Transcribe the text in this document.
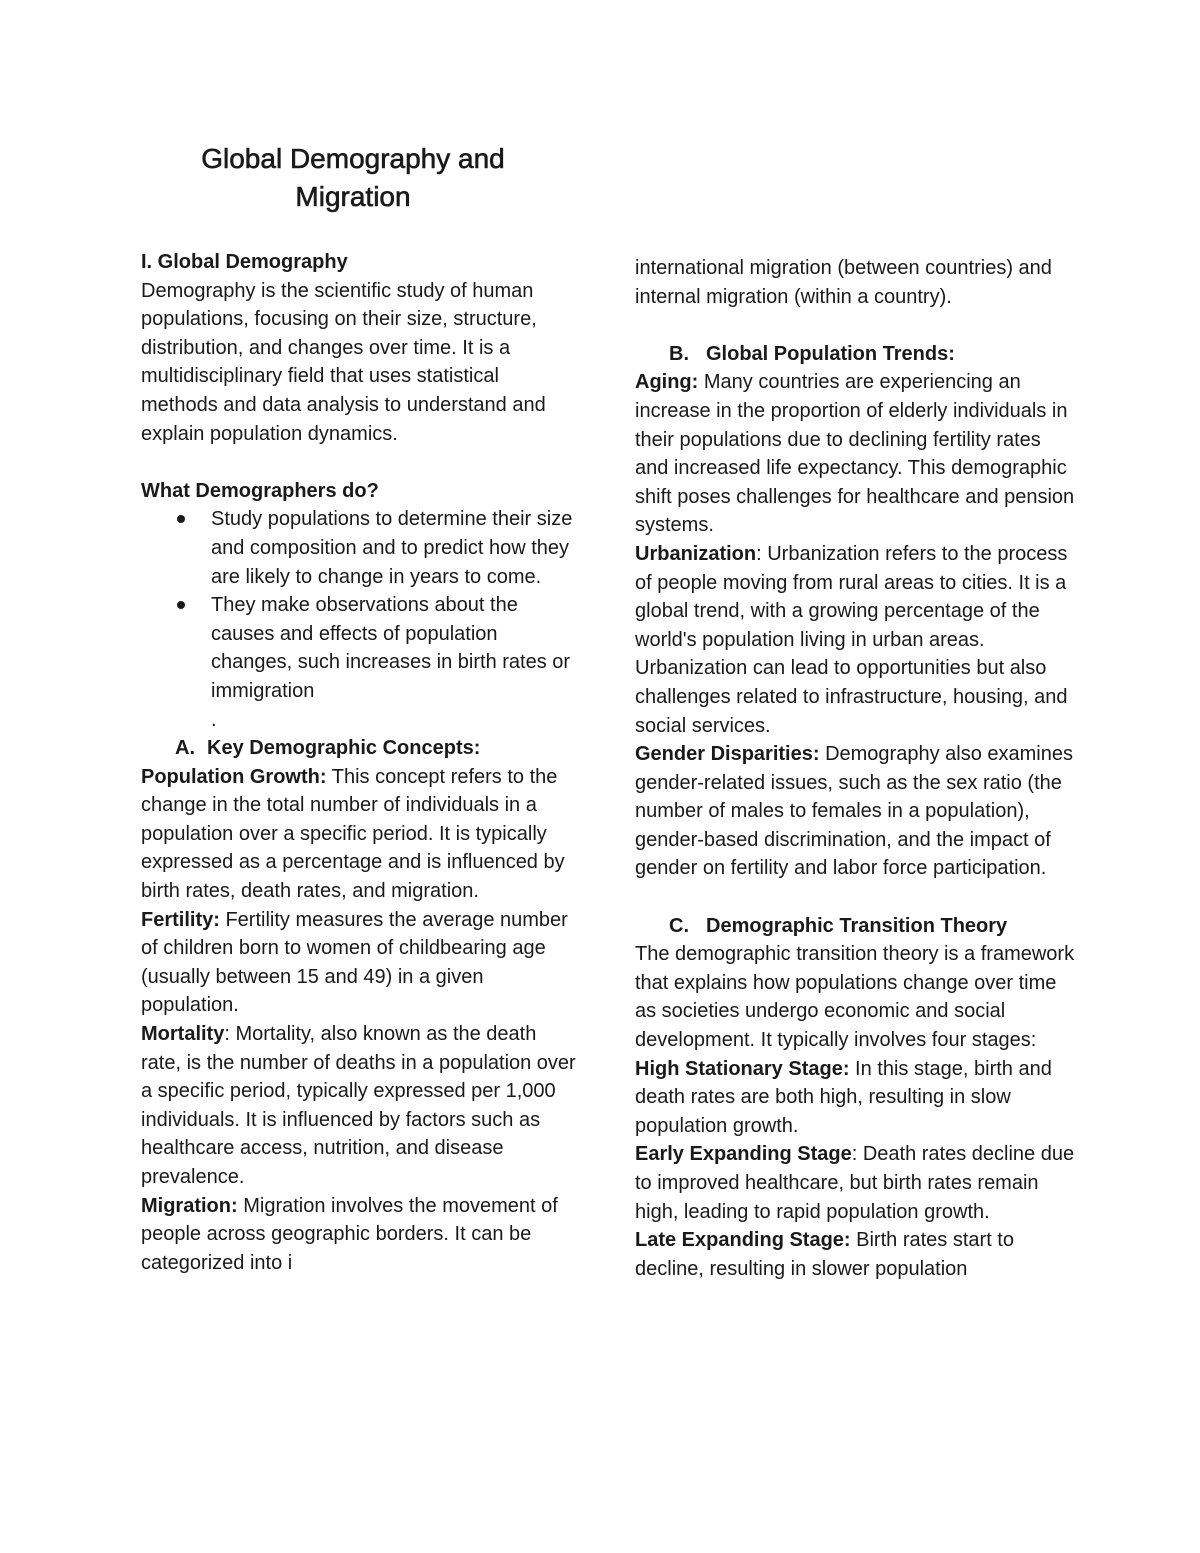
Global Demography and
Migration

I. Global Demography

Demography is the scientific study of human populations, focusing on their size, structure, distribution, and changes over time. It is a multidisciplinary field that uses statistical methods and data analysis to understand and explain population dynamics.

What Demographers do?

Study populations to determine their size and composition and to predict how they are likely to change in years to come.
They make observations about the causes and effects of population changes, such increases in birth rates or immigration

.

A. Key Demographic Concepts:

Population Growth: This concept refers to the change in the total number of individuals in a population over a specific period. It is typically expressed as a percentage and is influenced by birth rates, death rates, and migration.

Fertility: Fertility measures the average number of children born to women of childbearing age (usually between 15 and 49) in a given population.

Mortality: Mortality, also known as the death rate, is the number of deaths in a population over a specific period, typically expressed per 1,000 individuals. It is influenced by factors such as healthcare access, nutrition, and disease prevalence.

Migration: Migration involves the movement of people across geographic borders. It can be categorized into i

international migration (between countries) and internal migration (within a country).

B. Global Population Trends:

Aging: Many countries are experiencing an increase in the proportion of elderly individuals in their populations due to declining fertility rates and increased life expectancy. This demographic shift poses challenges for healthcare and pension systems.

Urbanization: Urbanization refers to the process of people moving from rural areas to cities. It is a global trend, with a growing percentage of the world's population living in urban areas. Urbanization can lead to opportunities but also challenges related to infrastructure, housing, and social services.

Gender Disparities: Demography also examines gender-related issues, such as the sex ratio (the number of males to females in a population), gender-based discrimination, and the impact of gender on fertility and labor force participation.

C. Demographic Transition Theory

The demographic transition theory is a framework that explains how populations change over time as societies undergo economic and social development. It typically involves four stages:

High Stationary Stage: In this stage, birth and death rates are both high, resulting in slow population growth.

Early Expanding Stage: Death rates decline due to improved healthcare, but birth rates remain high, leading to rapid population growth.

Late Expanding Stage: Birth rates start to decline, resulting in slower population
